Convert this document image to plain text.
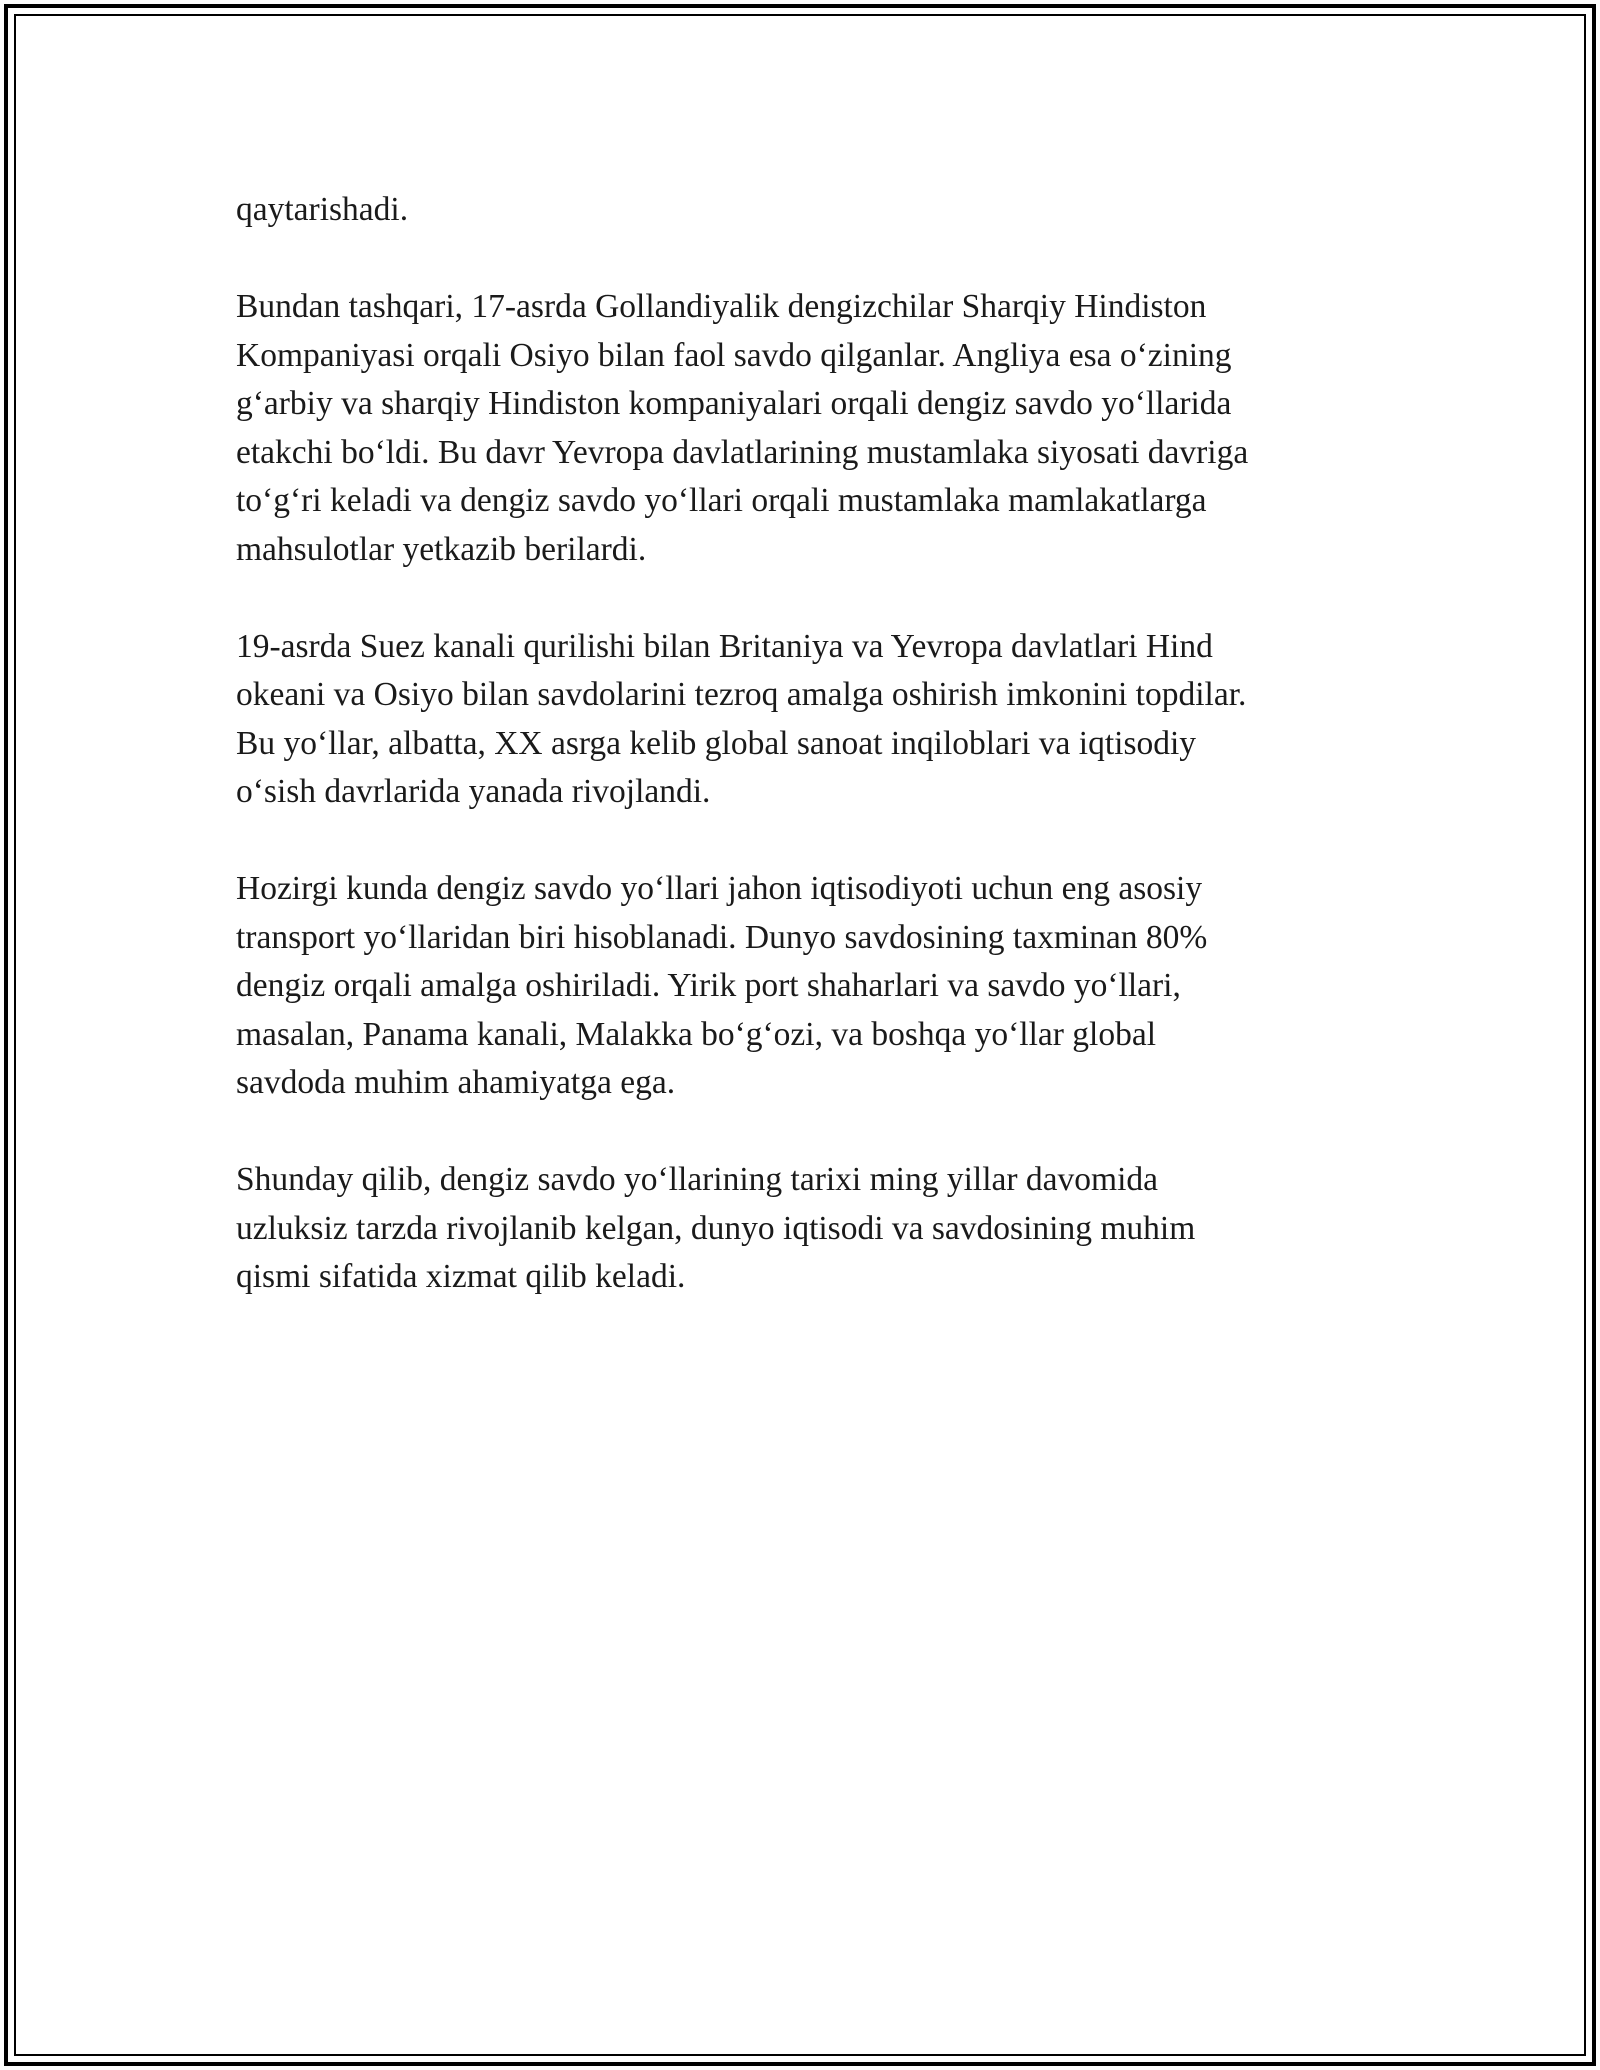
qaytarishadi.

Bundan tashqari, 17-asrda Gollandiyalik dengizchilar Sharqiy Hindiston
Kompaniyasi orqali Osiyo bilan faol savdo qilganlar. Angliya esa o‘zining
g‘arbiy va sharqiy Hindiston kompaniyalari orqali dengiz savdo yo‘llarida
etakchi bo‘ldi. Bu davr Yevropa davlatlarining mustamlaka siyosati davriga
to‘g‘ri keladi va dengiz savdo yo‘llari orqali mustamlaka mamlakatlarga
mahsulotlar yetkazib berilardi.

19-asrda Suez kanali qurilishi bilan Britaniya va Yevropa davlatlari Hind
okeani va Osiyo bilan savdolarini tezroq amalga oshirish imkonini topdilar.
Bu yo‘llar, albatta, XX asrga kelib global sanoat inqiloblari va iqtisodiy
o‘sish davrlarida yanada rivojlandi.

Hozirgi kunda dengiz savdo yo‘llari jahon iqtisodiyoti uchun eng asosiy
transport yo‘llaridan biri hisoblanadi. Dunyo savdosining taxminan 80%
dengiz orqali amalga oshiriladi. Yirik port shaharlari va savdo yo‘llari,
masalan, Panama kanali, Malakka bo‘g‘ozi, va boshqa yo‘llar global
savdoda muhim ahamiyatga ega.

Shunday qilib, dengiz savdo yo‘llarining tarixi ming yillar davomida
uzluksiz tarzda rivojlanib kelgan, dunyo iqtisodi va savdosining muhim
qismi sifatida xizmat qilib keladi.
